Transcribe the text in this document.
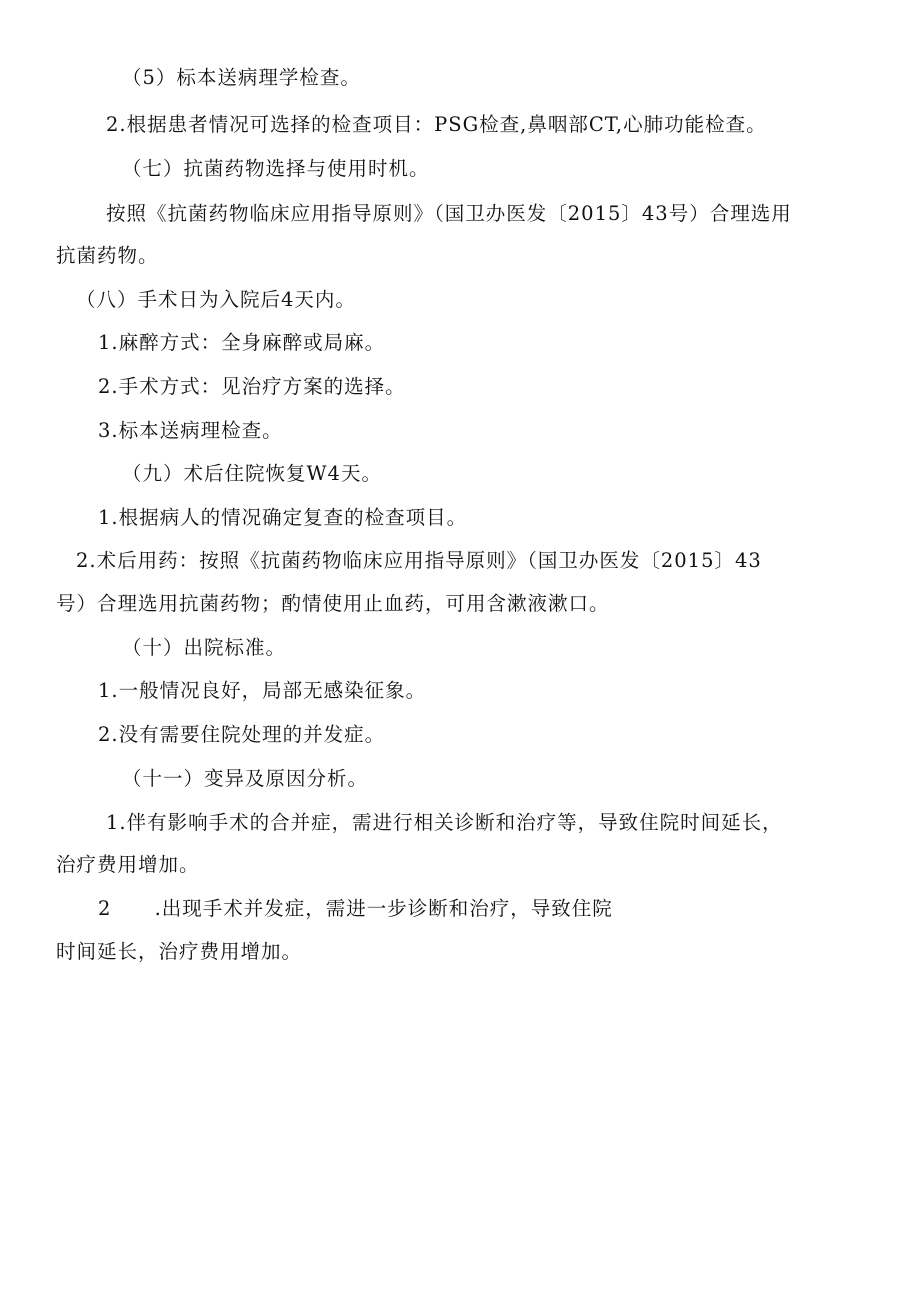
（5）标本送病理学检查。
2.根据患者情况可选择的检查项目：PSG检查,鼻咽部CT,心肺功能检查。
（七）抗菌药物选择与使用时机。
按照《抗菌药物临床应用指导原则》（国卫办医发〔2015〕43号）合理选用
抗菌药物。
（八）手术日为入院后4天内。
1.麻醉方式：全身麻醉或局麻。
2.手术方式：见治疗方案的选择。
3.标本送病理检查。
（九）术后住院恢复W4天。
1.根据病人的情况确定复查的检查项目。
2.术后用药：按照《抗菌药物临床应用指导原则》（国卫办医发〔2015〕43
号）合理选用抗菌药物；酌情使用止血药，可用含漱液漱口。
（十）出院标准。
1.一般情况良好，局部无感染征象。
2.没有需要住院处理的并发症。
（十一）变异及原因分析。
1.伴有影响手术的合并症，需进行相关诊断和治疗等，导致住院时间延长，
治疗费用增加。
2      .出现手术并发症，需进一步诊断和治疗，导致住院
时间延长，治疗费用增加。
